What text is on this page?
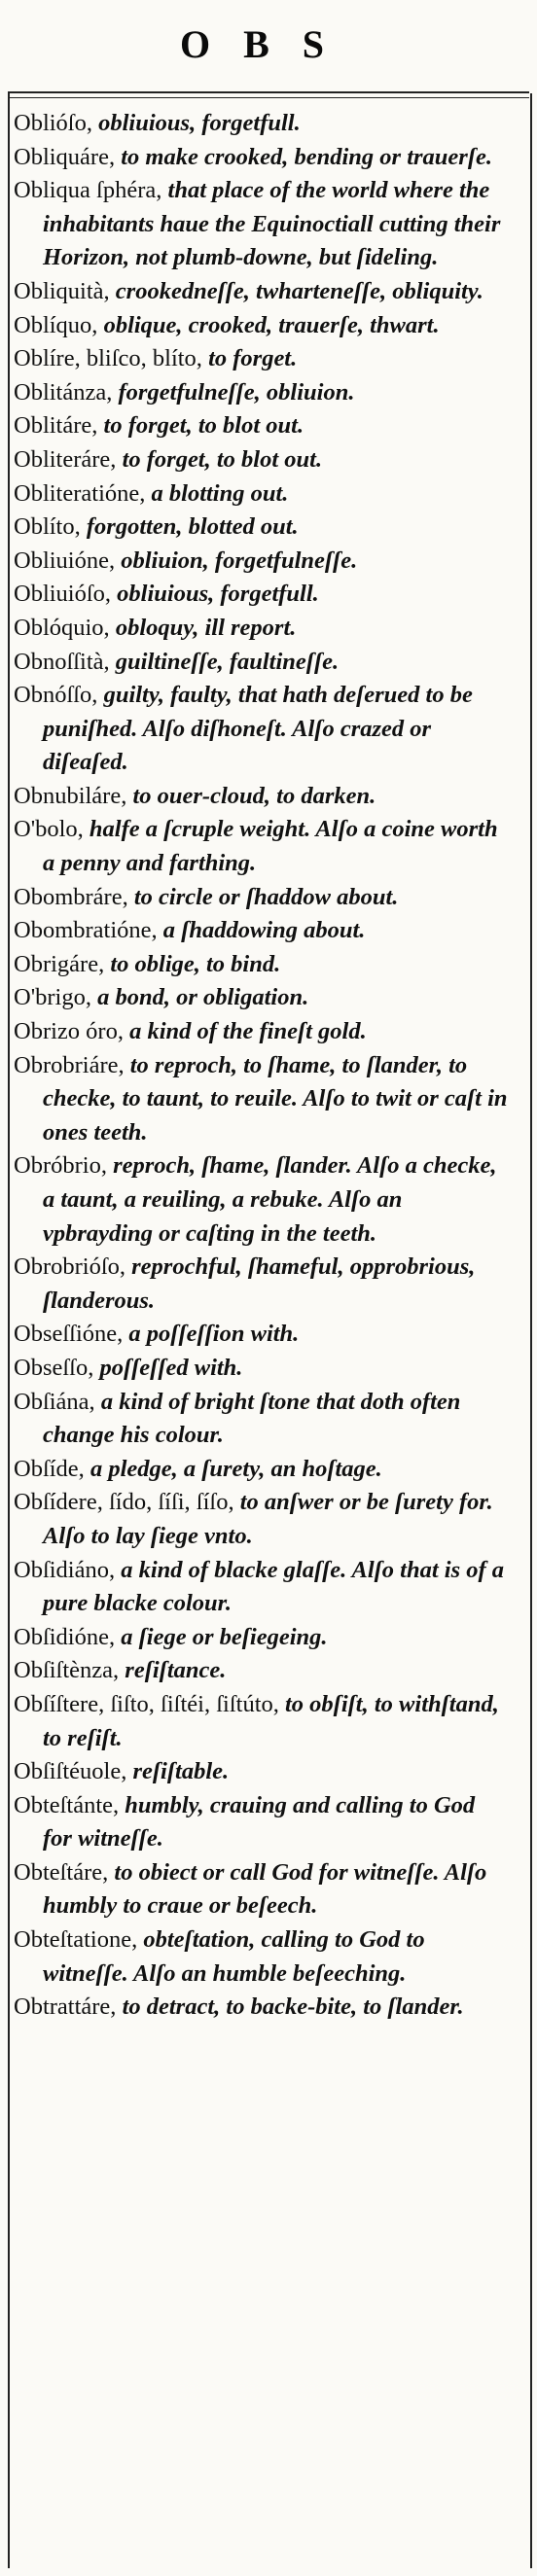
OBS

Oblióſo, obliuious, forgetfull.

Obliquáre, to make crooked, bending or trauerſe.

Obliqua ſphéra, that place of the world where the inhabitants haue the Equinoctiall cutting their Horizon, not plumb-downe, but ſideling.

Obliquità, crookedneſſe, twharteneſſe, obliquity.

Oblíquo, oblique, crooked, trauerſe, thwart.

Oblíre, bliſco, blíto, to forget.

Oblitánza, forgetfulneſſe, obliuion.

Oblitáre, to forget, to blot out.

Obliteráre, to forget, to blot out.

Obliteratióne, a blotting out.

Oblíto, forgotten, blotted out.

Obliuióne, obliuion, forgetfulneſſe.

Obliuióſo, obliuious, forgetfull.

Oblóquio, obloquy, ill report.

Obnoſſità, guiltineſſe, faultineſſe.

Obnóſſo, guilty, faulty, that hath deſerued to be puniſhed. Alſo diſhoneſt. Alſo crazed or diſeaſed.

Obnubiláre, to ouer-cloud, to darken.

O'bolo, halfe a ſcruple weight. Alſo a coine worth a penny and farthing.

Obombráre, to circle or ſhaddow about.

Obombratióne, a ſhaddowing about.

Obrigáre, to oblige, to bind.

O'brigo, a bond, or obligation.

Obrizo óro, a kind of the fineſt gold.

Obrobriáre, to reproch, to ſhame, to ſlander, to checke, to taunt, to reuile. Alſo to twit or caſt in ones teeth.

Obróbrio, reproch, ſhame, ſlander. Alſo a checke, a taunt, a reuiling, a rebuke. Alſo an vpbrayding or caſting in the teeth.

Obrobrióſo, reprochful, ſhameful, opprobrious, ſlanderous.

Obseſſióne, a poſſeſſion with.

Obseſſo, poſſeſſed with.

Obſiána, a kind of bright ſtone that doth often change his colour.

Obſíde, a pledge, a ſurety, an hoſtage.

Obſídere, ſído, ſíſi, ſíſo, to anſwer or be ſurety for. Alſo to lay ſiege vnto.

Obſidiáno, a kind of blacke glaſſe. Alſo that is of a pure blacke colour.

Obſidióne, a ſiege or beſiegeing.

Obſiſtènza, reſiſtance.

Obſíſtere, ſiſto, ſiſtéi, ſiſtúto, to obſiſt, to withſtand, to reſiſt.

Obſiſtéuole, reſiſtable.

Obteſtánte, humbly, crauing and calling to God for witneſſe.

Obteſtáre, to obiect or call God for witneſſe. Alſo humbly to craue or beſeech.

Obteſtatione, obteſtation, calling to God to witneſſe. Alſo an humble beſeeching.

Obtrattáre, to detract, to backe-bite, to ſlander.
